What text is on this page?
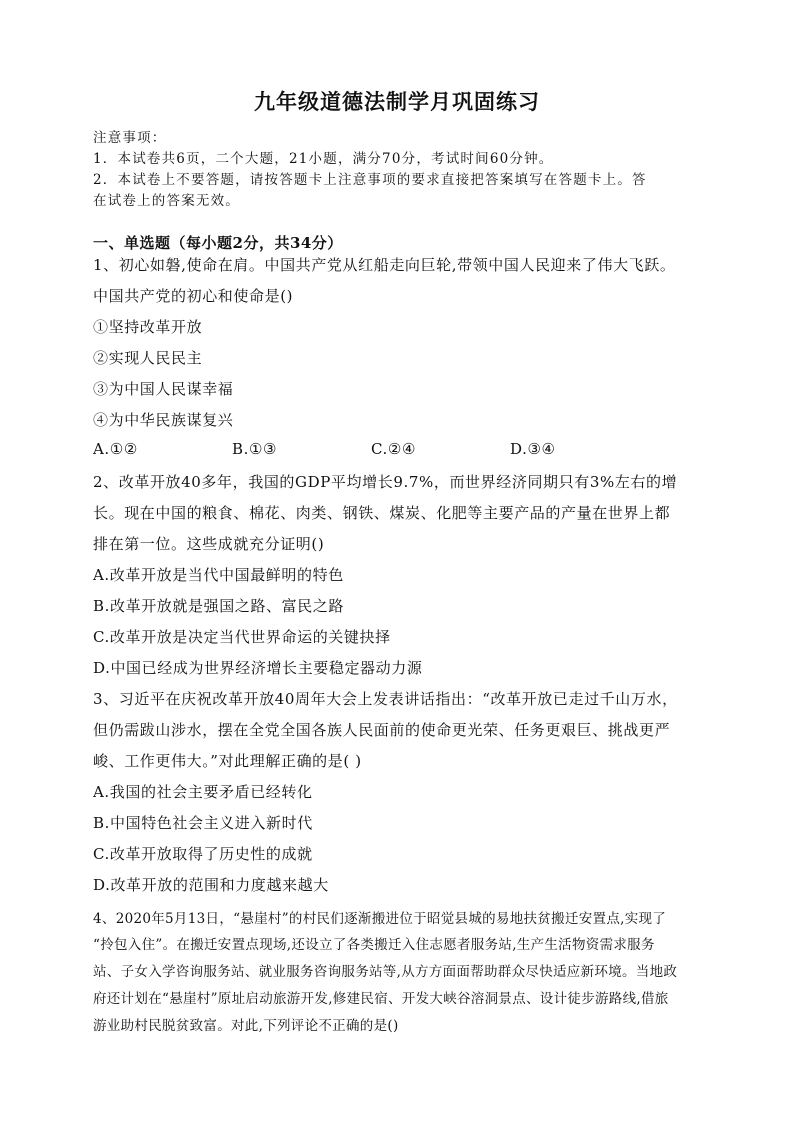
九年级道德法制学月巩固练习
注意事项：
1．本试卷共6页，二个大题，21小题，满分70分，考试时间60分钟。
2．本试卷上不要答题，请按答题卡上注意事项的要求直接把答案填写在答题卡上。答
在试卷上的答案无效。
一、单选题（每小题2分，共34分）
1、初心如磐,使命在肩。中国共产党从红船走向巨轮,带领中国人民迎来了伟大飞跃。
中国共产党的初心和使命是()
①坚持改革开放
②实现人民民主
③为中国人民谋幸福
④为中华民族谋复兴
A.①②	B.①③	C.②④	D.③④
2、改革开放40多年，我国的GDP平均增长9.7%，而世界经济同期只有3%左右的增
长。现在中国的粮食、棉花、肉类、钢铁、煤炭、化肥等主要产品的产量在世界上都
排在第一位。这些成就充分证明()
A.改革开放是当代中国最鲜明的特色
B.改革开放就是强国之路、富民之路
C.改革开放是决定当代世界命运的关键抉择
D.中国已经成为世界经济增长主要稳定器动力源
3、习近平在庆祝改革开放40周年大会上发表讲话指出：“改革开放已走过千山万水，
但仍需跋山涉水，摆在全党全国各族人民面前的使命更光荣、任务更艰巨、挑战更严
峻、工作更伟大。”对此理解正确的是( )
A.我国的社会主要矛盾已经转化
B.中国特色社会主义进入新时代
C.改革开放取得了历史性的成就
D.改革开放的范围和力度越来越大
4、2020年5月13日，“悬崖村”的村民们逐渐搬进位于昭觉县城的易地扶贫搬迁安置点,实现了
“拎包入住”。在搬迁安置点现场,还设立了各类搬迁入住志愿者服务站,生产生活物资需求服务
站、子女入学咨询服务站、就业服务咨询服务站等,从方方面面帮助群众尽快适应新环境。当地政
府还计划在“悬崖村”原址启动旅游开发,修建民宿、开发大峡谷溶洞景点、设计徒步游路线,借旅
游业助村民脱贫致富。对此,下列评论不正确的是()
